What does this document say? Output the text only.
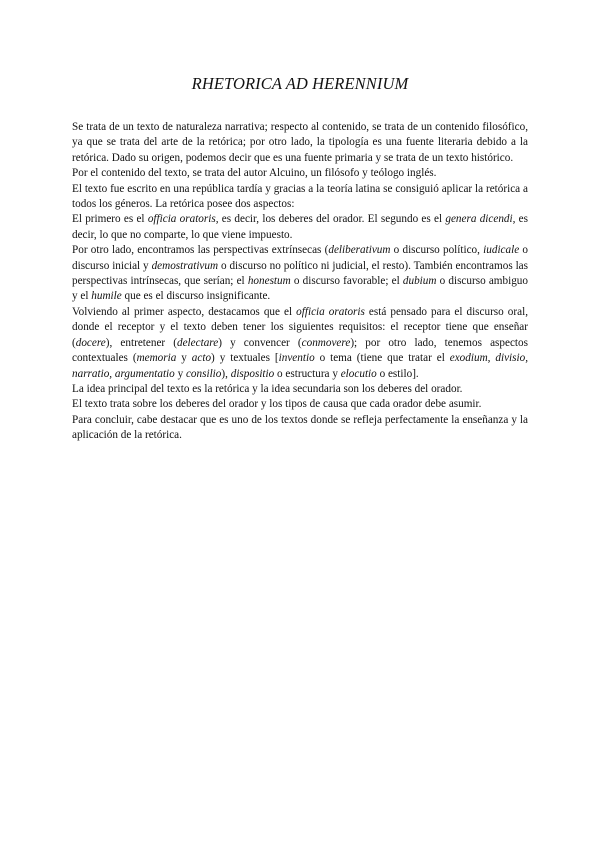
RHETORICA AD HERENNIUM

Se trata de un texto de naturaleza narrativa; respecto al contenido, se trata de un contenido filosófico, ya que se trata del arte de la retórica; por otro lado, la tipología es una fuente literaria debido a la retórica. Dado su origen, podemos decir que es una fuente primaria y se trata de un texto histórico.

Por el contenido del texto, se trata del autor Alcuino, un filósofo y teólogo inglés.

El texto fue escrito en una república tardía y gracias a la teoría latina se consiguió aplicar la retórica a todos los géneros. La retórica posee dos aspectos:

El primero es el officia oratoris, es decir, los deberes del orador. El segundo es el genera dicendi, es decir, lo que no comparte, lo que viene impuesto.

Por otro lado, encontramos las perspectivas extrínsecas (deliberativum o discurso político, iudicale o discurso inicial y demostrativum o discurso no político ni judicial, el resto). También encontramos las perspectivas intrínsecas, que serían; el honestum o discurso favorable; el dubium o discurso ambiguo y el humile que es el discurso insignificante.

Volviendo al primer aspecto, destacamos que el officia oratoris está pensado para el discurso oral, donde el receptor y el texto deben tener los siguientes requisitos: el receptor tiene que enseñar (docere), entretener (delectare) y convencer (conmovere); por otro lado, tenemos aspectos contextuales (memoria y acto) y textuales [inventio o tema (tiene que tratar el exodium, divisio, narratio, argumentatio y consilio), dispositio o estructura y elocutio o estilo].

La idea principal del texto es la retórica y la idea secundaria son los deberes del orador.

El texto trata sobre los deberes del orador y los tipos de causa que cada orador debe asumir.

Para concluir, cabe destacar que es uno de los textos donde se refleja perfectamente la enseñanza y la aplicación de la retórica.
